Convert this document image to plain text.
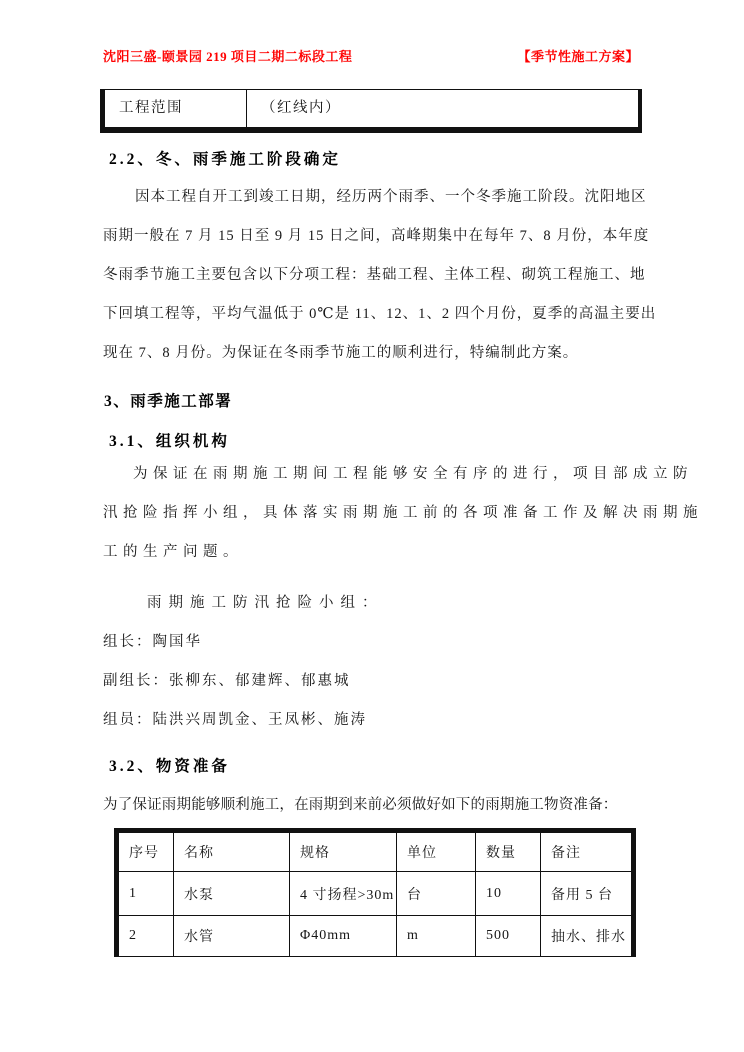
沈阳三盛-颐景园 219 项目二期二标段工程	【季节性施工方案】
工程范围	（红线内）
2.2、冬、雨季施工阶段确定
因本工程自开工到竣工日期，经历两个雨季、一个冬季施工阶段。沈阳地区
雨期一般在 7 月 15 日至 9 月 15 日之间，高峰期集中在每年 7、8 月份，本年度
冬雨季节施工主要包含以下分项工程：基础工程、主体工程、砌筑工程施工、地
下回填工程等，平均气温低于 0℃是 11、12、1、2 四个月份，夏季的高温主要出
现在 7、8 月份。为保证在冬雨季节施工的顺利进行，特编制此方案。
3、雨季施工部署
3.1、组织机构
为保证在雨期施工期间工程能够安全有序的进行，项目部成立防
汛抢险指挥小组，具体落实雨期施工前的各项准备工作及解决雨期施
工的生产问题。
雨期施工防汛抢险小组：
组长：陶国华
副组长：张柳东、郁建辉、郁惠城
组员：陆洪兴周凯金、王凤彬、施涛
3.2、物资准备
为了保证雨期能够顺利施工，在雨期到来前必须做好如下的雨期施工物资准备：
序号	名称	规格	单位	数量	备注
1	水泵	4 寸扬程>30m	台	10	备用 5 台
2	水管	Φ40mm	m	500	抽水、排水
